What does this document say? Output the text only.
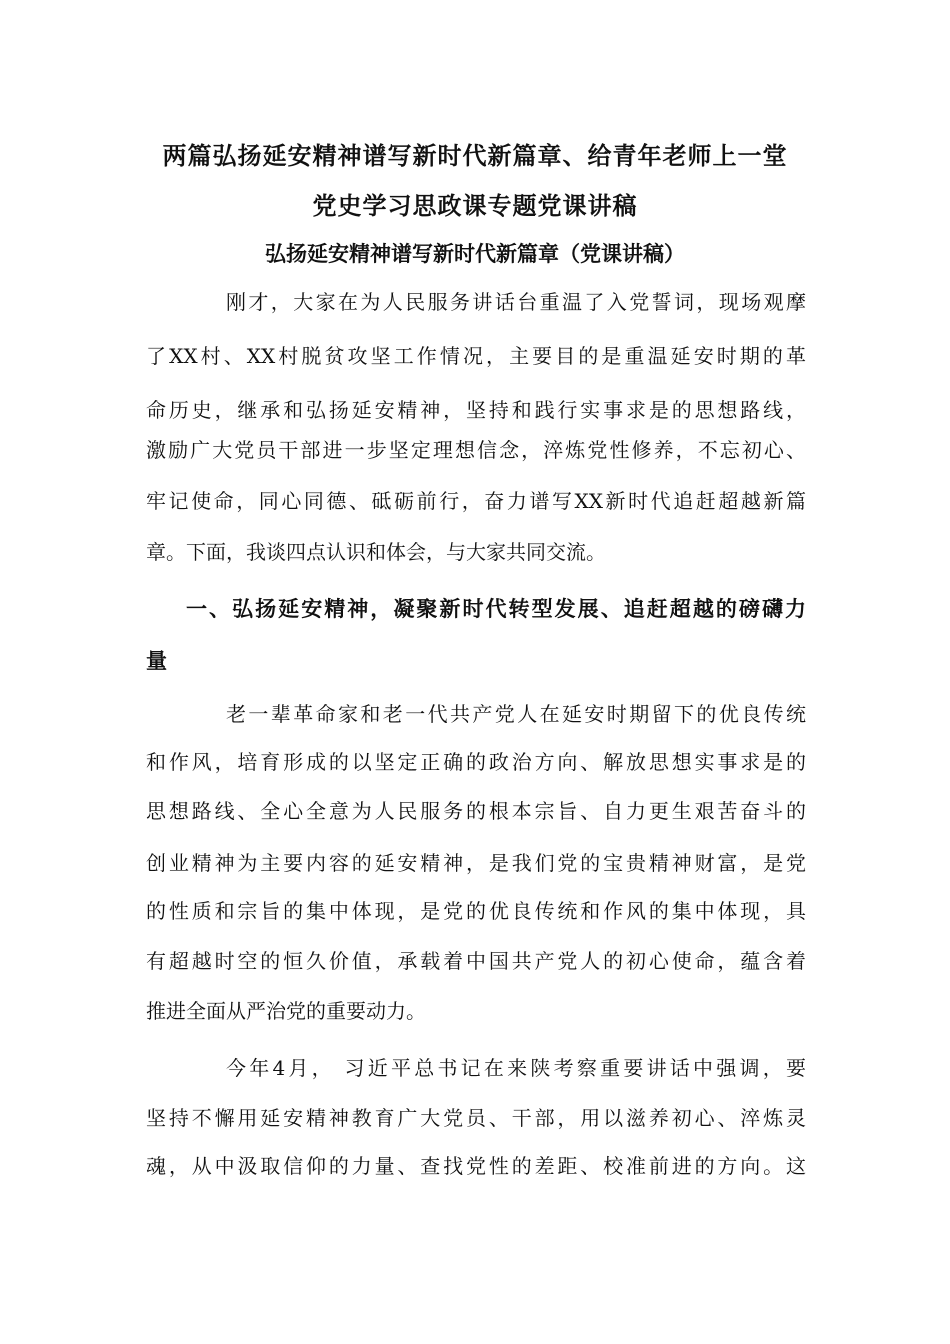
两篇弘扬延安精神谱写新时代新篇章、给青年老师上一堂
党史学习思政课专题党课讲稿
弘扬延安精神谱写新时代新篇章（党课讲稿）
刚才，大家在为人民服务讲话台重温了入党誓词，现场观摩
了XX村、XX村脱贫攻坚工作情况，主要目的是重温延安时期的革
命历史，继承和弘扬延安精神，坚持和践行实事求是的思想路线，
激励广大党员干部进一步坚定理想信念，淬炼党性修养，不忘初心、
牢记使命，同心同德、砥砺前行，奋力谱写XX新时代追赶超越新篇
章。下面，我谈四点认识和体会，与大家共同交流。
一、弘扬延安精神，凝聚新时代转型发展、追赶超越的磅礴力
量
老一辈革命家和老一代共产党人在延安时期留下的优良传统
和作风，培育形成的以坚定正确的政治方向、解放思想实事求是的
思想路线、全心全意为人民服务的根本宗旨、自力更生艰苦奋斗的
创业精神为主要内容的延安精神，是我们党的宝贵精神财富，是党
的性质和宗旨的集中体现，是党的优良传统和作风的集中体现，具
有超越时空的恒久价值，承载着中国共产党人的初心使命，蕴含着
推进全面从严治党的重要动力。
今年4月， 习近平总书记在来陕考察重要讲话中强调，要
坚持不懈用延安精神教育广大党员、干部，用以滋养初心、淬炼灵
魂，从中汲取信仰的力量、查找党性的差距、校准前进的方向。这
